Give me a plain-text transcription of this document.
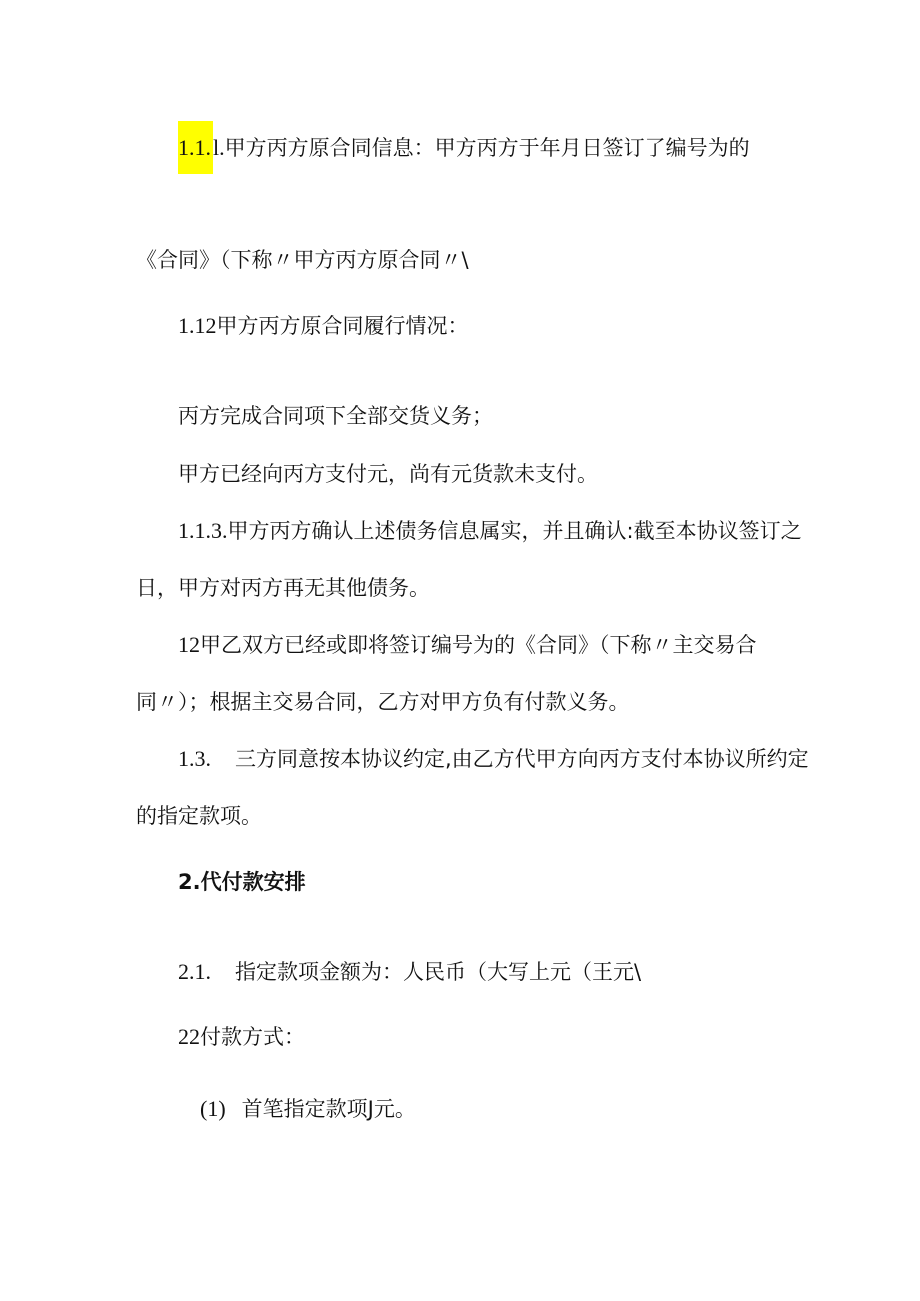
1.1.l.甲方丙方原合同信息：甲方丙方于年月日签订了编号为的
《合同》（下称〃甲方丙方原合同〃\
1.12甲方丙方原合同履行情况：
丙方完成合同项下全部交货义务；
甲方已经向丙方支付元，尚有元货款未支付。
1.1.3.甲方丙方确认上述债务信息属实，并且确认:截至本协议签订之
日，甲方对丙方再无其他债务。
12甲乙双方已经或即将签订编号为的《合同》（下称〃主交易合
同〃）；根据主交易合同，乙方对甲方负有付款义务。
1.3. 三方同意按本协议约定,由乙方代甲方向丙方支付本协议所约定
的指定款项。
2.代付款安排
2.1. 指定款项金额为：人民币（大写上元（王元\
22付款方式：
(1) 首笔指定款项J元。
